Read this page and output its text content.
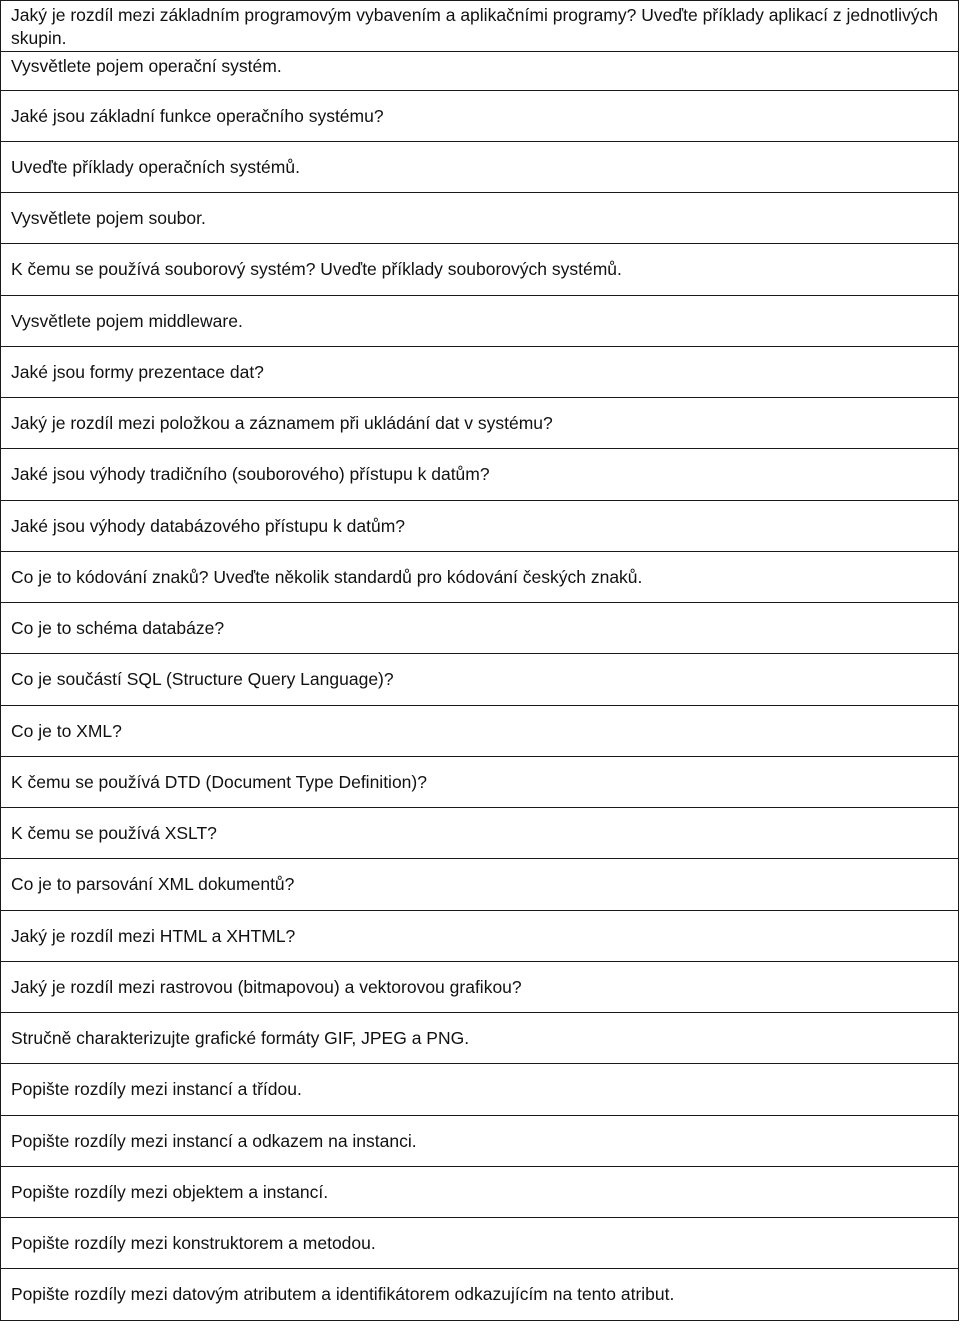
Jaký je rozdíl mezi základním programovým vybavením a aplikačními programy? Uveďte příklady aplikací z jednotlivých skupin.
Vysvětlete pojem operační systém.
Jaké jsou základní funkce operačního systému?
Uveďte příklady operačních systémů.
Vysvětlete pojem soubor.
K čemu se používá souborový systém? Uveďte příklady souborových systémů.
Vysvětlete pojem middleware.
Jaké jsou formy prezentace dat?
Jaký je rozdíl mezi položkou a záznamem při ukládání dat v systému?
Jaké jsou výhody tradičního (souborového) přístupu k datům?
Jaké jsou výhody databázového přístupu k datům?
Co je to kódování znaků? Uveďte několik standardů pro kódování českých znaků.
Co je to schéma databáze?
Co je součástí SQL (Structure Query Language)?
Co je to XML?
K čemu se používá DTD (Document Type Definition)?
K čemu se používá XSLT?
Co je to parsování XML dokumentů?
Jaký je rozdíl mezi HTML a XHTML?
Jaký je rozdíl mezi rastrovou (bitmapovou) a vektorovou grafikou?
Stručně charakterizujte grafické formáty GIF, JPEG a PNG.
Popište rozdíly mezi instancí a třídou.
Popište rozdíly mezi instancí a odkazem na instanci.
Popište rozdíly mezi objektem a instancí.
Popište rozdíly mezi konstruktorem a metodou.
Popište rozdíly mezi datovým atributem a identifikátorem odkazujícím na tento atribut.
